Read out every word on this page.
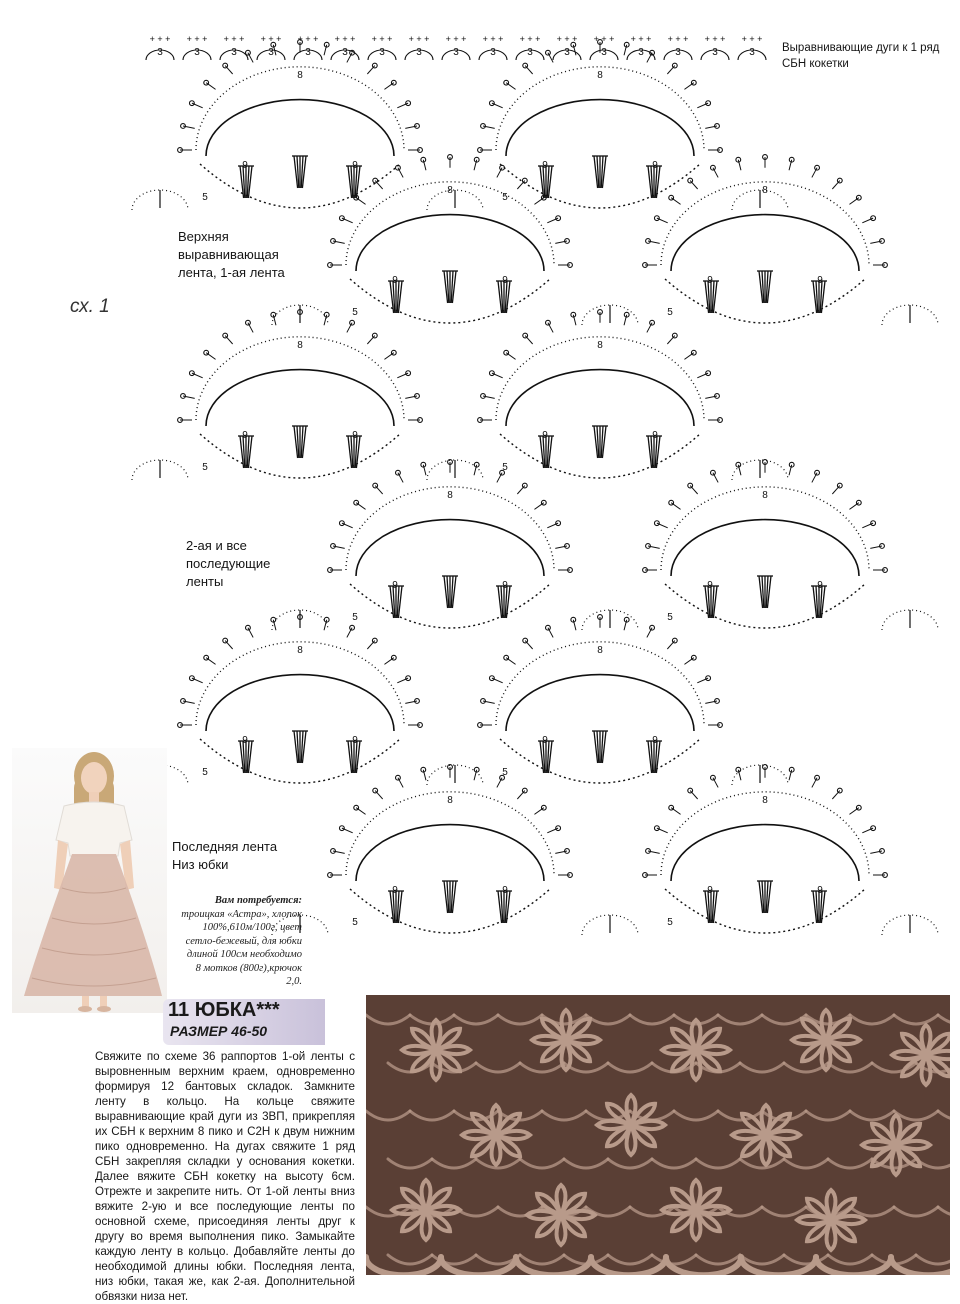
3
+ + +
3
+ + +
3
+ + +
3
+ + +
3
+ + +
3
+ + +
3
+ + +
3
+ + +
3
+ + +
3
+ + +
3
+ + +
3
+ + +
3
+ + +
3
+ + +
3
+ + +
3
+ + +
3
+ + +
8
9	9
5
8
9	9
5
8
9	9
5
8
9	9
5
8
9	9
5
8
9	9
5
8
9	9
5
8
9	9
5
8
9	9
5
8
9	9
5
8
9	9
5
8
9	9
5
сх. 1
Выравнивающие дуги к 1 ряд СБН кокетки
Верхняя выравнивающая лента, 1-ая лента
2-ая и все последующие ленты
Последняя лента Низ юбки
Вам потребуется:
троицкая «Астра», хлопок 100%,610м/100г, цвет сетло-бежевый, для юбки длиной 100см необходимо 8 мотков (800г),крючок 2,0.
11 ЮБКА***
РАЗМЕР 46-50
Свяжите по схеме 36 раппортов 1-ой ленты с выровненным верхним краем, одновременно формируя 12 бантовых складок. Замкните ленту в кольцо. На кольце свяжите выравнивающие край дуги из 3ВП, прикрепляя их СБН к верхним 8 пико и С2Н к двум нижним пико одновременно. На дугах свяжите 1 ряд СБН закрепляя складки у основания кокетки. Далее вяжите СБН кокетку на высоту 6см. Отрежте и закрепите нить. От 1-ой ленты вниз вяжите 2-ую и все последующие ленты по основной схеме, присоединяя ленты друг к другу во время выполнения пико. Замыкайте каждую ленту в кольцо. Добавляйте ленты до необходимой длины юбки. Последняя лента, низ юбки, такая же, как 2-ая. Дополнительной обвязки низа нет.
